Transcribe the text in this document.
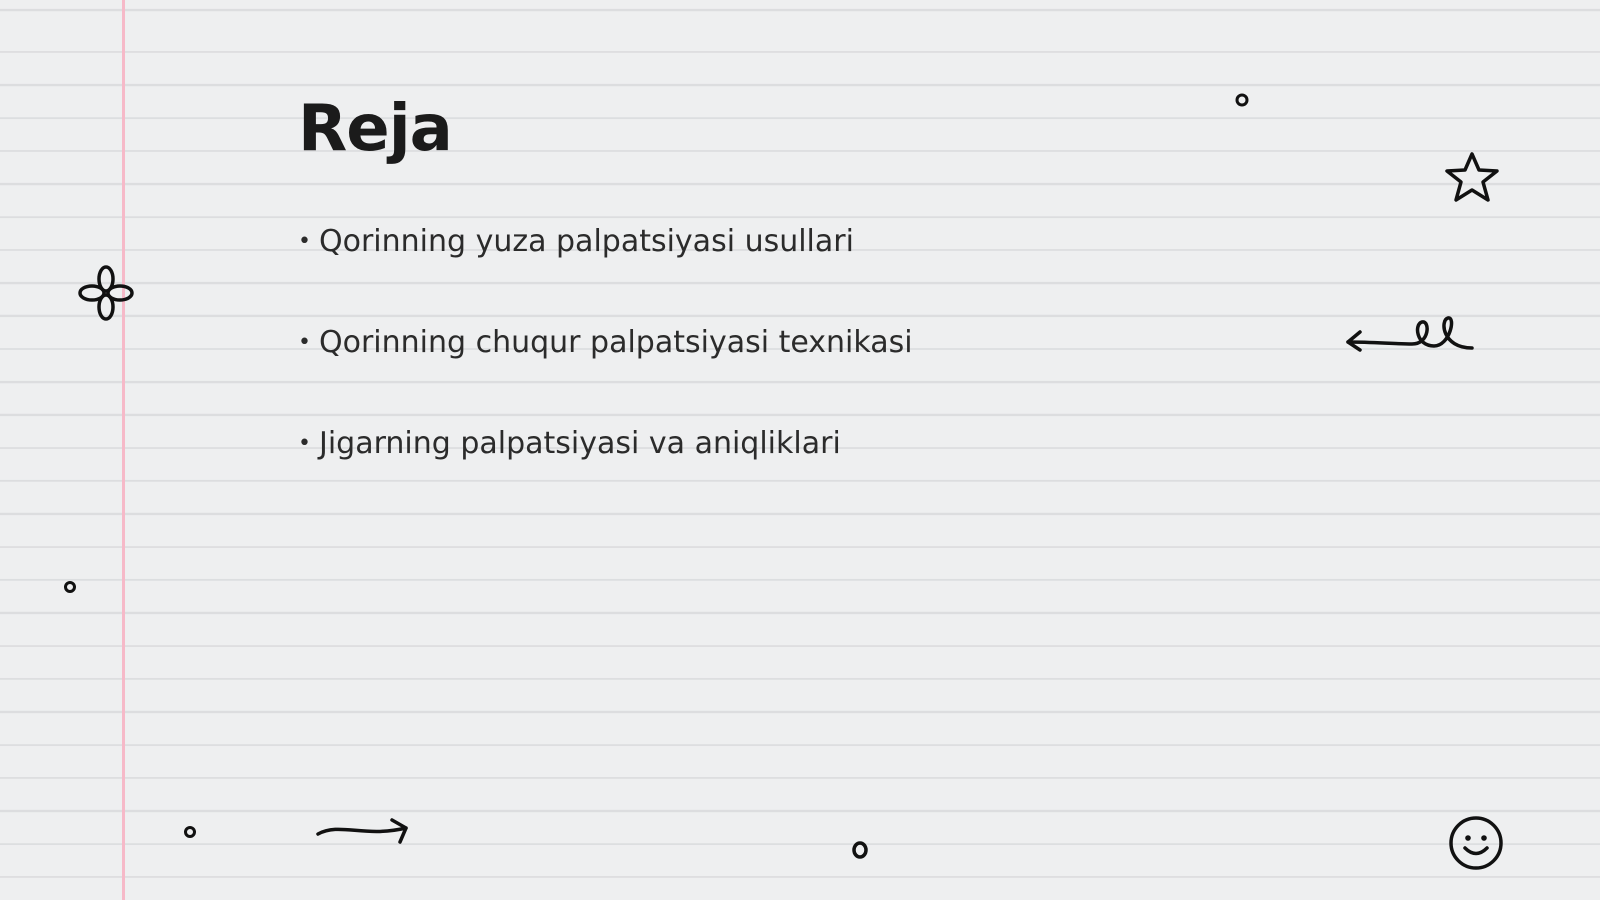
Reja
• Qorinning yuza palpatsiyasi usullari
• Qorinning chuqur palpatsiyasi texnikasi
• Jigarning palpatsiyasi va aniqliklari
